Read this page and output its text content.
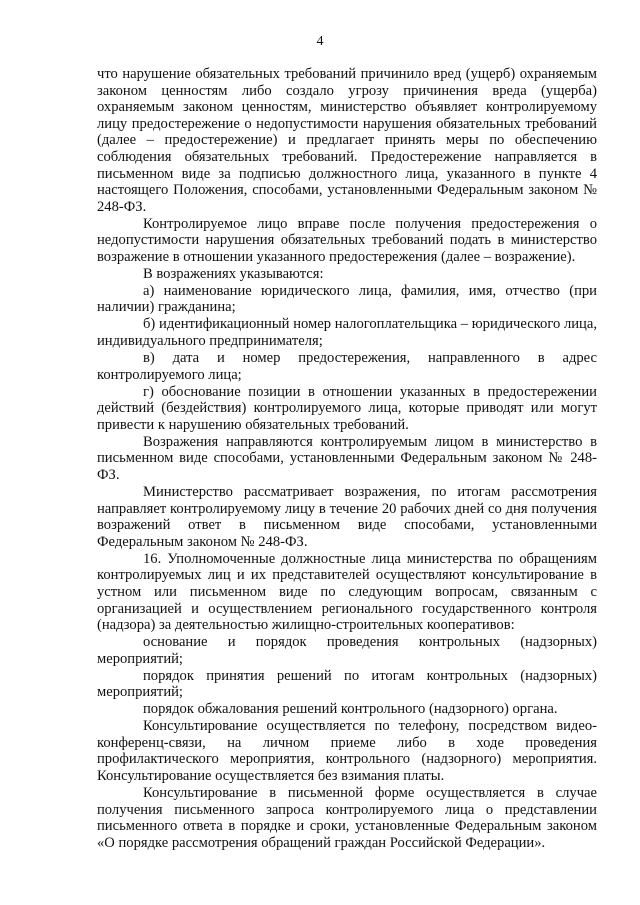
4

что нарушение обязательных требований причинило вред (ущерб) охраняемым законом ценностям либо создало угрозу причинения вреда (ущерба) охраняемым законом ценностям, министерство объявляет контролируемому лицу предостережение о недопустимости нарушения обязательных требований (далее – предостережение) и предлагает принять меры по обеспечению соблюдения обязательных требований. Предостережение направляется в письменном виде за подписью должностного лица, указанного в пункте 4 настоящего Положения, способами, установленными Федеральным законом № 248-ФЗ.

Контролируемое лицо вправе после получения предостережения о недопустимости нарушения обязательных требований подать в министерство возражение в отношении указанного предостережения (далее – возражение).

В возражениях указываются:

а) наименование юридического лица, фамилия, имя, отчество (при наличии) гражданина;

б) идентификационный номер налогоплательщика – юридического лица, индивидуального предпринимателя;

в) дата и номер предостережения, направленного в адрес контролируемого лица;

г) обоснование позиции в отношении указанных в предостережении действий (бездействия) контролируемого лица, которые приводят или могут привести к нарушению обязательных требований.

Возражения направляются контролируемым лицом в министерство в письменном виде способами, установленными Федеральным законом № 248-ФЗ.

Министерство рассматривает возражения, по итогам рассмотрения направляет контролируемому лицу в течение 20 рабочих дней со дня получения возражений ответ в письменном виде способами, установленными Федеральным законом № 248-ФЗ.

16. Уполномоченные должностные лица министерства по обращениям контролируемых лиц и их представителей осуществляют консультирование в устном или письменном виде по следующим вопросам, связанным с организацией и осуществлением регионального государственного контроля (надзора) за деятельностью жилищно-строительных кооперативов:

основание и порядок проведения контрольных (надзорных) мероприятий;

порядок принятия решений по итогам контрольных (надзорных) мероприятий;

порядок обжалования решений контрольного (надзорного) органа.

Консультирование осуществляется по телефону, посредством видео-конференц-связи, на личном приеме либо в ходе проведения профилактического мероприятия, контрольного (надзорного) мероприятия. Консультирование осуществляется без взимания платы.

Консультирование в письменной форме осуществляется в случае получения письменного запроса контролируемого лица о представлении письменного ответа в порядке и сроки, установленные Федеральным законом «О порядке рассмотрения обращений граждан Российской Федерации».
